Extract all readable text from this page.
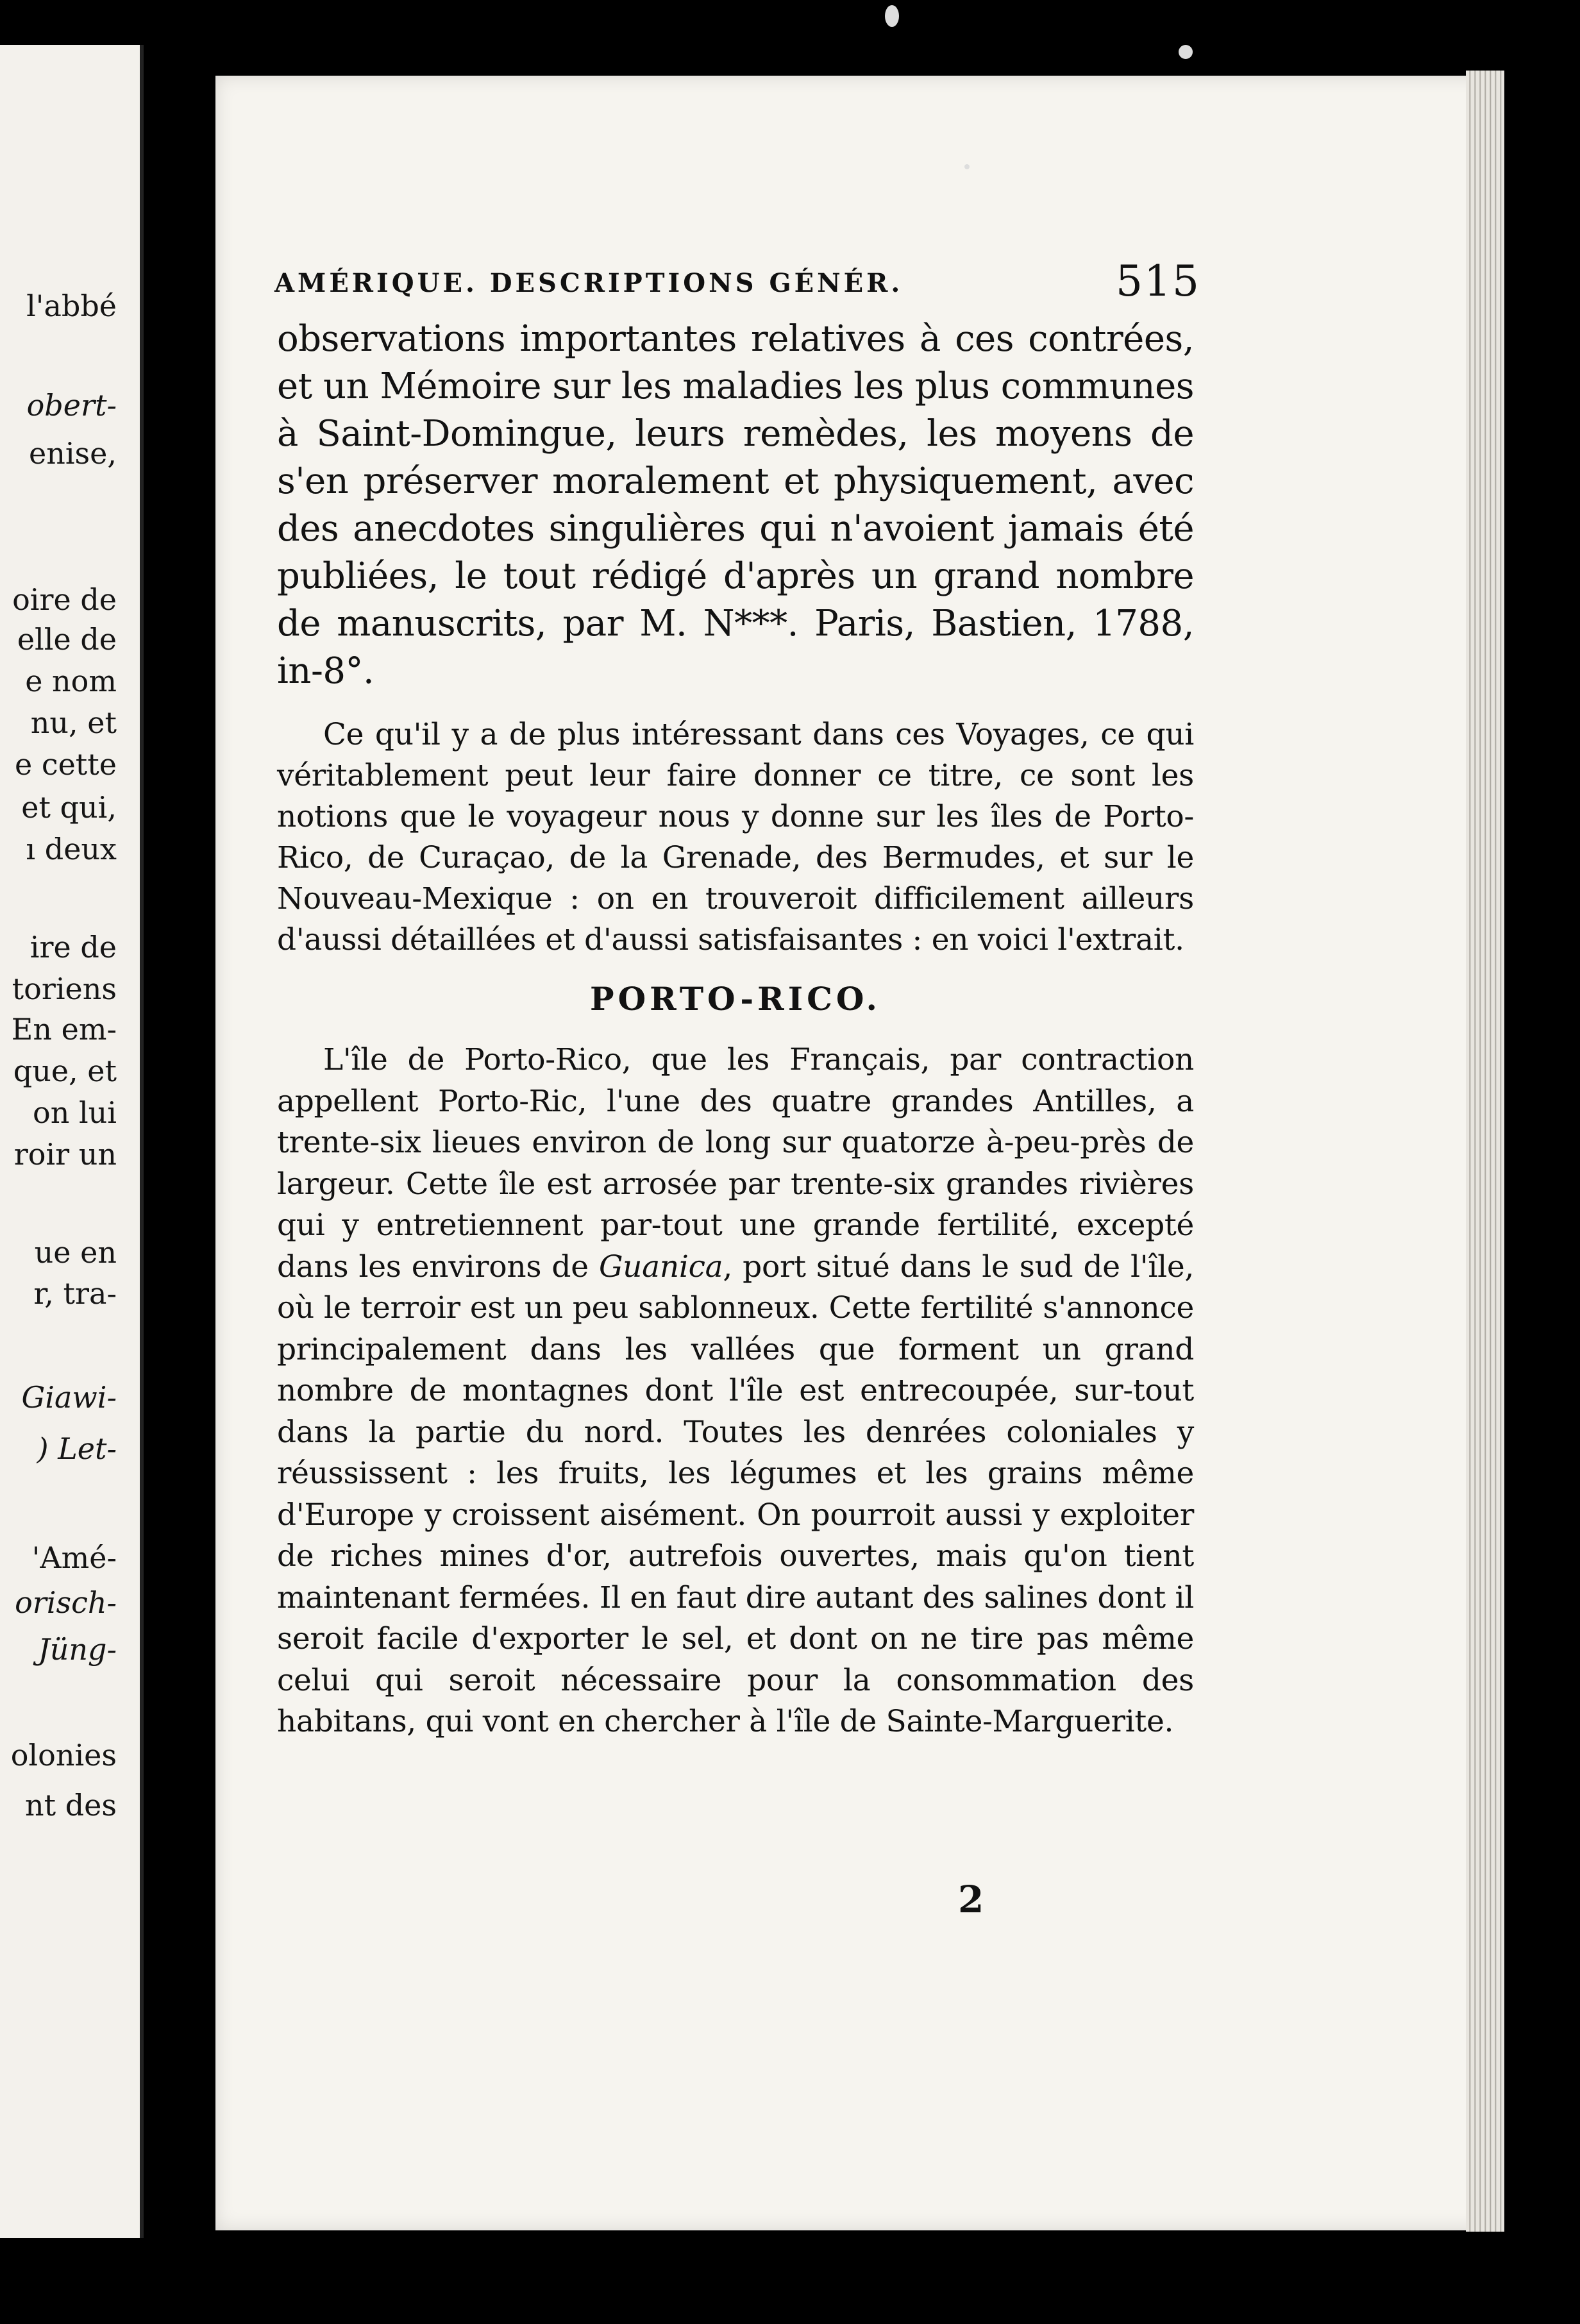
l'abbé
obert-
enise,
oire de
elle de
e nom
nu, et
e cette
et qui,
ı deux
ire de
toriens
En em-
que, et
on lui
roir un
ue en
r, tra-
Giawi-
) Let-
'Amé-
orisch-
Jüng-
olonies
nt des
AMÉRIQUE. DESCRIPTIONS GÉNÉR.	515

observations importantes relatives à ces contrées, et un Mémoire sur les maladies les plus communes à Saint-Domingue, leurs remèdes, les moyens de s'en préserver moralement et physiquement, avec des anecdotes singulières qui n'avoient jamais été publiées, le tout rédigé d'après un grand nombre de manuscrits, par M. N***. Paris, Bastien, 1788, in-8°.

Ce qu'il y a de plus intéressant dans ces Voyages, ce qui véritablement peut leur faire donner ce titre, ce sont les notions que le voyageur nous y donne sur les îles de Porto-Rico, de Curaçao, de la Grenade, des Bermudes, et sur le Nouveau-Mexique : on en trouveroit difficilement ailleurs d'aussi détaillées et d'aussi satisfaisantes : en voici l'extrait.

PORTO-RICO.

L'île de Porto-Rico, que les Français, par contraction appellent Porto-Ric, l'une des quatre grandes Antilles, a trente-six lieues environ de long sur quatorze à-peu-près de largeur. Cette île est arrosée par trente-six grandes rivières qui y entretiennent par-tout une grande fertilité, excepté dans les environs de Guanica, port situé dans le sud de l'île, où le terroir est un peu sablonneux. Cette fertilité s'annonce principalement dans les vallées que forment un grand nombre de montagnes dont l'île est entrecoupée, sur-tout dans la partie du nord. Toutes les denrées coloniales y réussissent : les fruits, les légumes et les grains même d'Europe y croissent aisément. On pourroit aussi y exploiter de riches mines d'or, autrefois ouvertes, mais qu'on tient maintenant fermées. Il en faut dire autant des salines dont il seroit facile d'exporter le sel, et dont on ne tire pas même celui qui seroit nécessaire pour la consommation des habitans, qui vont en chercher à l'île de Sainte-Marguerite.

2
